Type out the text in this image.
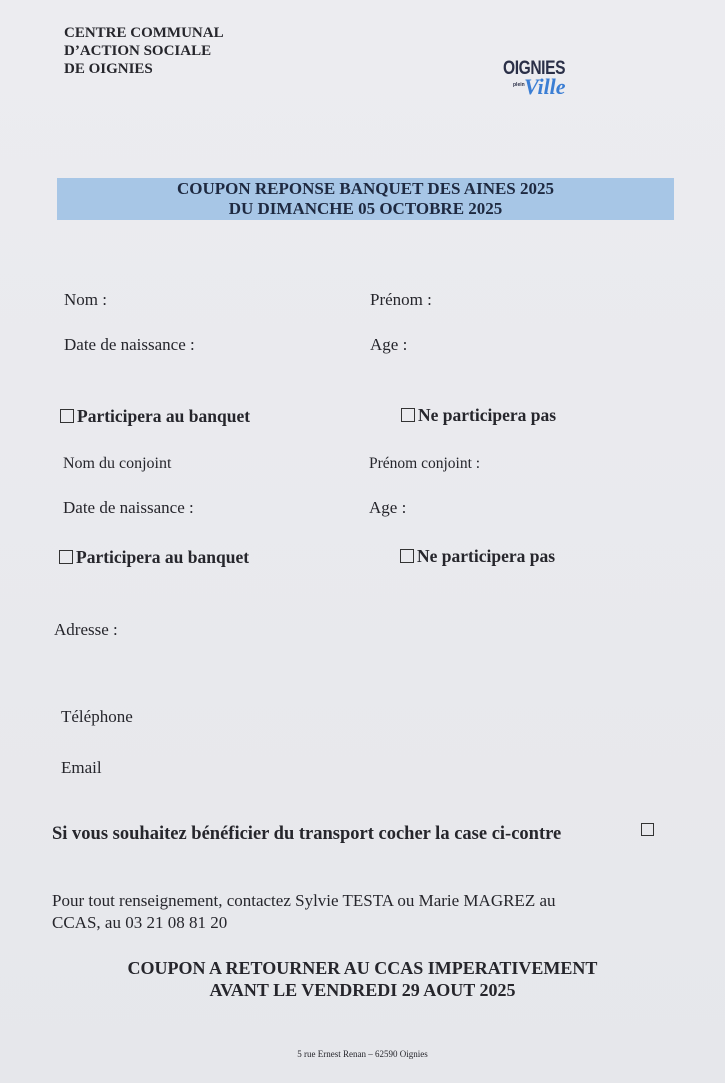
CENTRE COMMUNAL
D’ACTION SOCIALE
DE OIGNIES	OIGNIES
plein Ville
COUPON REPONSE BANQUET DES AINES 2025
DU DIMANCHE 05 OCTOBRE 2025
Nom :	Prénom :
Date de naissance :	Age :
Participera au banquet	Ne participera pas
Nom du conjoint	Prénom conjoint :
Date de naissance :	Age :
Participera au banquet	Ne participera pas
Adresse :
Téléphone
Email
Si vous souhaitez bénéficier du transport cocher la case ci-contre
Pour tout renseignement, contactez Sylvie TESTA ou Marie MAGREZ au
CCAS, au 03 21 08 81 20
COUPON A RETOURNER AU CCAS IMPERATIVEMENT
AVANT LE VENDREDI 29 AOUT 2025
5 rue Ernest Renan – 62590 Oignies
